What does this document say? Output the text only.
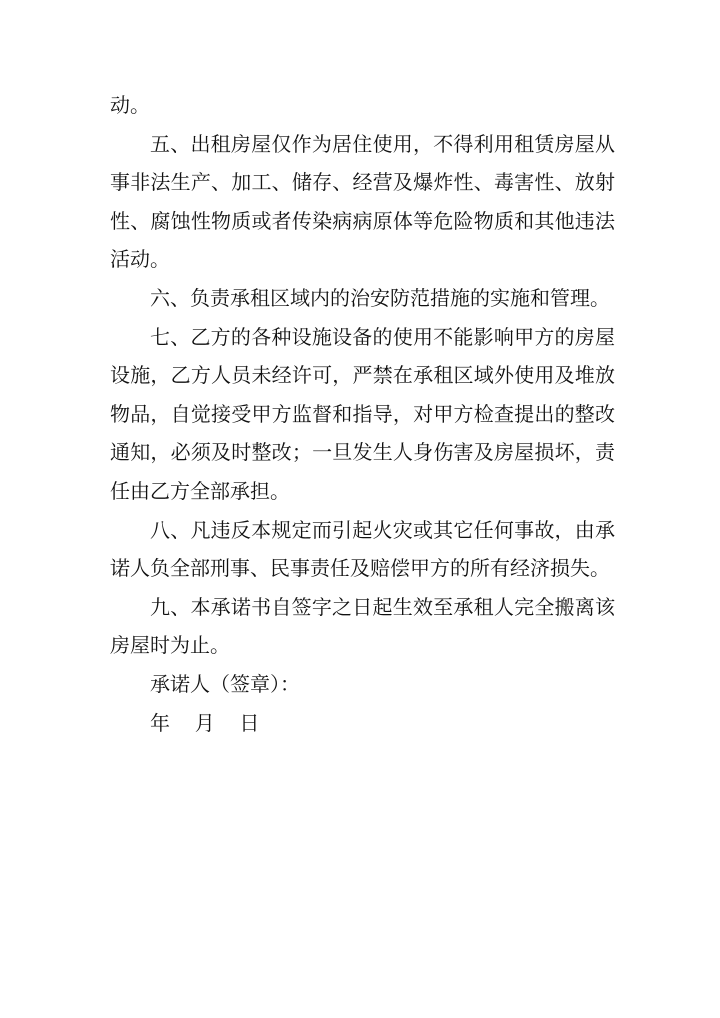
动。

五、出租房屋仅作为居住使用，不得利用租赁房屋从事非法生产、加工、储存、经营及爆炸性、毒害性、放射性、腐蚀性物质或者传染病病原体等危险物质和其他违法活动。

六、负责承租区域内的治安防范措施的实施和管理。

七、乙方的各种设施设备的使用不能影响甲方的房屋设施，乙方人员未经许可，严禁在承租区域外使用及堆放物品，自觉接受甲方监督和指导，对甲方检查提出的整改通知，必须及时整改；一旦发生人身伤害及房屋损坏，责任由乙方全部承担。

八、凡违反本规定而引起火灾或其它任何事故，由承诺人负全部刑事、民事责任及赔偿甲方的所有经济损失。

九、本承诺书自签字之日起生效至承租人完全搬离该房屋时为止。

承诺人（签章）：

年  月  日
